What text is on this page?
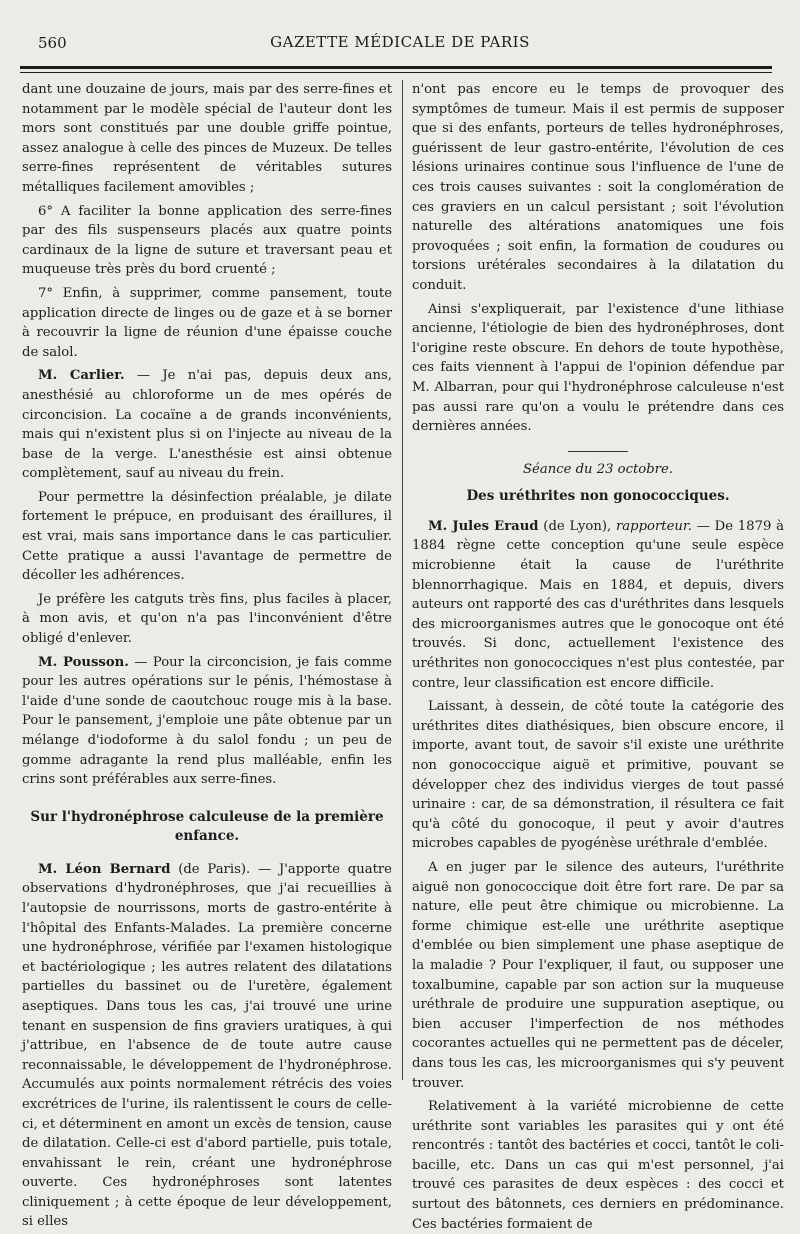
560	GAZETTE MÉDICALE DE PARIS

dant une douzaine de jours, mais par des serre-fines et notamment par le modèle spécial de l'auteur dont les mors sont constitués par une double griffe pointue, assez analogue à celle des pinces de Muzeux. De telles serre-fines représentent de véritables sutures métalliques facilement amovibles ;

6° A faciliter la bonne application des serre-fines par des fils suspenseurs placés aux quatre points cardinaux de la ligne de suture et traversant peau et muqueuse très près du bord cruenté ;

7° Enfin, à supprimer, comme pansement, toute application directe de linges ou de gaze et à se borner à recouvrir la ligne de réunion d'une épaisse couche de salol.

M. Carlier. — Je n'ai pas, depuis deux ans, anesthésié au chloroforme un de mes opérés de circoncision. La cocaïne a de grands inconvénients, mais qui n'existent plus si on l'injecte au niveau de la base de la verge. L'anesthésie est ainsi obtenue complètement, sauf au niveau du frein.

Pour permettre la désinfection préalable, je dilate fortement le prépuce, en produisant des éraillures, il est vrai, mais sans importance dans le cas particulier. Cette pratique a aussi l'avantage de permettre de décoller les adhérences.

Je préfère les catguts très fins, plus faciles à placer, à mon avis, et qu'on n'a pas l'inconvénient d'être obligé d'enlever.

M. Pousson. — Pour la circoncision, je fais comme pour les autres opérations sur le pénis, l'hémostase à l'aide d'une sonde de caoutchouc rouge mis à la base. Pour le pansement, j'emploie une pâte obtenue par un mélange d'iodoforme à du salol fondu ; un peu de gomme adragante la rend plus malléable, enfin les crins sont préférables aux serre-fines.

Sur l'hydronéphrose calculeuse de la première enfance.

M. Léon Bernard (de Paris). — J'apporte quatre observations d'hydronéphroses, que j'ai recueillies à l'autopsie de nourrissons, morts de gastro-entérite à l'hôpital des Enfants-Malades. La première concerne une hydronéphrose, vérifiée par l'examen histologique et bactériologique ; les autres relatent des dilatations partielles du bassinet ou de l'uretère, également aseptiques. Dans tous les cas, j'ai trouvé une urine tenant en suspension de fins graviers uratiques, à qui j'attribue, en l'absence de de toute autre cause reconnaissable, le développement de l'hydronéphrose. Accumulés aux points normalement rétrécis des voies excrétrices de l'urine, ils ralentissent le cours de celle-ci, et déterminent en amont un excès de tension, cause de dilatation. Celle-ci est d'abord partielle, puis totale, envahissant le rein, créant une hydronéphrose ouverte. Ces hydronéphroses sont latentes cliniquement ; à cette époque de leur développement, si elles

n'ont pas encore eu le temps de provoquer des symptômes de tumeur. Mais il est permis de supposer que si des enfants, porteurs de telles hydronéphroses, guérissent de leur gastro-entérite, l'évolution de ces lésions urinaires continue sous l'influence de l'une de ces trois causes suivantes : soit la conglomération de ces graviers en un calcul persistant ; soit l'évolution naturelle des altérations anatomiques une fois provoquées ; soit enfin, la formation de coudures ou torsions urétérales secondaires à la dilatation du conduit.

Ainsi s'expliquerait, par l'existence d'une lithiase ancienne, l'étiologie de bien des hydronéphroses, dont l'origine reste obscure. En dehors de toute hypothèse, ces faits viennent à l'appui de l'opinion défendue par M. Albarran, pour qui l'hydronéphrose calculeuse n'est pas aussi rare qu'on a voulu le prétendre dans ces dernières années.

Séance du 23 octobre.
Des uréthrites non gonococciques.

M. Jules Eraud (de Lyon), rapporteur. — De 1879 à 1884 règne cette conception qu'une seule espèce microbienne était la cause de l'uréthrite blennorrhagique. Mais en 1884, et depuis, divers auteurs ont rapporté des cas d'uréthrites dans lesquels des microorganismes autres que le gonocoque ont été trouvés. Si donc, actuellement l'existence des uréthrites non gonococciques n'est plus contestée, par contre, leur classification est encore difficile.

Laissant, à dessein, de côté toute la catégorie des uréthrites dites diathésiques, bien obscure encore, il importe, avant tout, de savoir s'il existe une uréthrite non gonococcique aiguë et primitive, pouvant se développer chez des individus vierges de tout passé urinaire : car, de sa démonstration, il résultera ce fait qu'à côté du gonocoque, il peut y avoir d'autres microbes capables de pyogénèse uréthrale d'emblée.

A en juger par le silence des auteurs, l'uréthrite aiguë non gonococcique doit être fort rare. De par sa nature, elle peut être chimique ou microbienne. La forme chimique est-elle une uréthrite aseptique d'emblée ou bien simplement une phase aseptique de la maladie ? Pour l'expliquer, il faut, ou supposer une toxalbumine, capable par son action sur la muqueuse uréthrale de produire une suppuration aseptique, ou bien accuser l'imperfection de nos méthodes cocorantes actuelles qui ne permettent pas de déceler, dans tous les cas, les microorganismes qui s'y peuvent trouver.

Relativement à la variété microbienne de cette uréthrite sont variables les parasites qui y ont été rencontrés : tantôt des bactéries et cocci, tantôt le coli-bacille, etc. Dans un cas qui m'est personnel, j'ai trouvé ces parasites de deux espèces : des cocci et surtout des bâtonnets, ces derniers en prédominance. Ces bactéries formaient de
